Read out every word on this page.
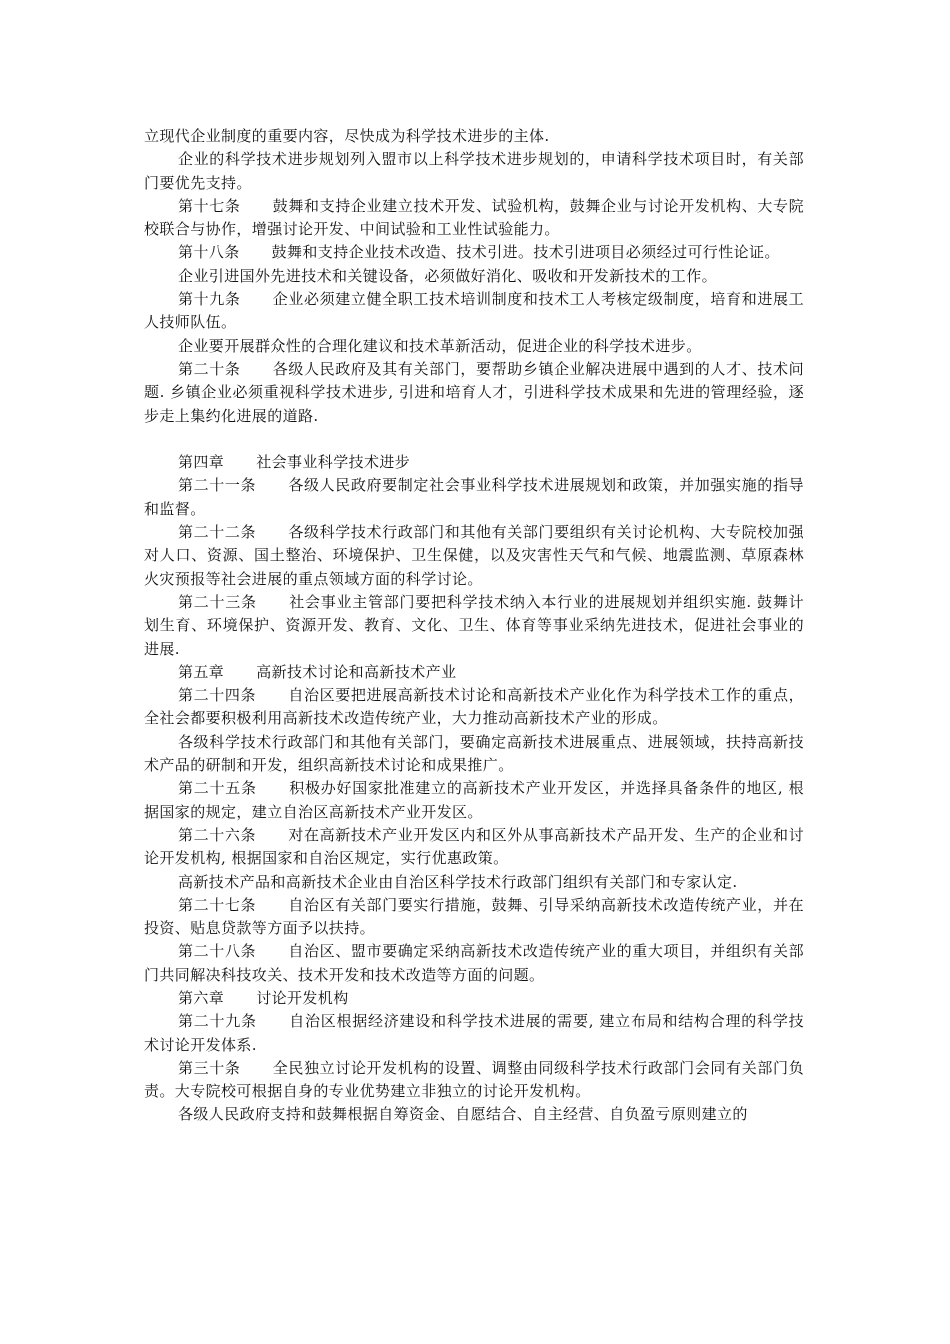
立现代企业制度的重要内容，尽快成为科学技术进步的主体.

企业的科学技术进步规划列入盟市以上科学技术进步规划的，申请科学技术项目时，有关部门要优先支持。

第十七条 鼓舞和支持企业建立技术开发、试验机构，鼓舞企业与讨论开发机构、大专院校联合与协作，增强讨论开发、中间试验和工业性试验能力。

第十八条 鼓舞和支持企业技术改造、技术引进。技术引进项目必须经过可行性论证。

企业引进国外先进技术和关键设备，必须做好消化、吸收和开发新技术的工作。

第十九条 企业必须建立健全职工技术培训制度和技术工人考核定级制度，培育和进展工人技师队伍。

企业要开展群众性的合理化建议和技术革新活动，促进企业的科学技术进步。

第二十条 各级人民政府及其有关部门，要帮助乡镇企业解决进展中遇到的人才、技术问题. 乡镇企业必须重视科学技术进步, 引进和培育人才，引进科学技术成果和先进的管理经验，逐步走上集约化进展的道路.

第四章 社会事业科学技术进步

第二十一条 各级人民政府要制定社会事业科学技术进展规划和政策，并加强实施的指导和监督。

第二十二条 各级科学技术行政部门和其他有关部门要组织有关讨论机构、大专院校加强对人口、资源、国土整治、环境保护、卫生保健，以及灾害性天气和气候、地震监测、草原森林火灾预报等社会进展的重点领域方面的科学讨论。

第二十三条 社会事业主管部门要把科学技术纳入本行业的进展规划并组织实施. 鼓舞计划生育、环境保护、资源开发、教育、文化、卫生、体育等事业采纳先进技术，促进社会事业的进展.

第五章 高新技术讨论和高新技术产业

第二十四条 自治区要把进展高新技术讨论和高新技术产业化作为科学技术工作的重点，全社会都要积极利用高新技术改造传统产业，大力推动高新技术产业的形成。

各级科学技术行政部门和其他有关部门，要确定高新技术进展重点、进展领域，扶持高新技术产品的研制和开发，组织高新技术讨论和成果推广。

第二十五条 积极办好国家批准建立的高新技术产业开发区，并选择具备条件的地区, 根据国家的规定，建立自治区高新技术产业开发区。

第二十六条 对在高新技术产业开发区内和区外从事高新技术产品开发、生产的企业和讨论开发机构, 根据国家和自治区规定，实行优惠政策。

高新技术产品和高新技术企业由自治区科学技术行政部门组织有关部门和专家认定.

第二十七条 自治区有关部门要实行措施，鼓舞、引导采纳高新技术改造传统产业，并在投资、贴息贷款等方面予以扶持。

第二十八条 自治区、盟市要确定采纳高新技术改造传统产业的重大项目，并组织有关部门共同解决科技攻关、技术开发和技术改造等方面的问题。

第六章 讨论开发机构

第二十九条 自治区根据经济建设和科学技术进展的需要, 建立布局和结构合理的科学技术讨论开发体系.

第三十条 全民独立讨论开发机构的设置、调整由同级科学技术行政部门会同有关部门负责。大专院校可根据自身的专业优势建立非独立的讨论开发机构。

各级人民政府支持和鼓舞根据自筹资金、自愿结合、自主经营、自负盈亏原则建立的
